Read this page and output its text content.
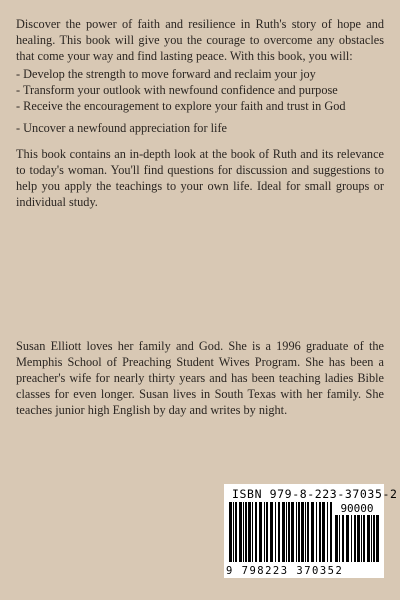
Discover the power of faith and resilience in Ruth's story of hope and healing. This book will give you the courage to overcome any obstacles that come your way and find lasting peace. With this book, you will:

- Develop the strength to move forward and reclaim your joy
- Transform your outlook with newfound confidence and purpose
- Receive the encouragement to explore your faith and trust in God
- Uncover a newfound appreciation for life

This book contains an in-depth look at the book of Ruth and its relevance to today's woman. You'll find questions for discussion and suggestions to help you apply the teachings to your own life. Ideal for small groups or individual study.

Susan Elliott loves her family and God. She is a 1996 graduate of the Memphis School of Preaching Student Wives Program. She has been a preacher's wife for nearly thirty years and has been teaching ladies Bible classes for even longer. Susan lives in South Texas with her family. She teaches junior high English by day and writes by night.

ISBN 979-8-223-37035-2
90000
9 798223 370352
